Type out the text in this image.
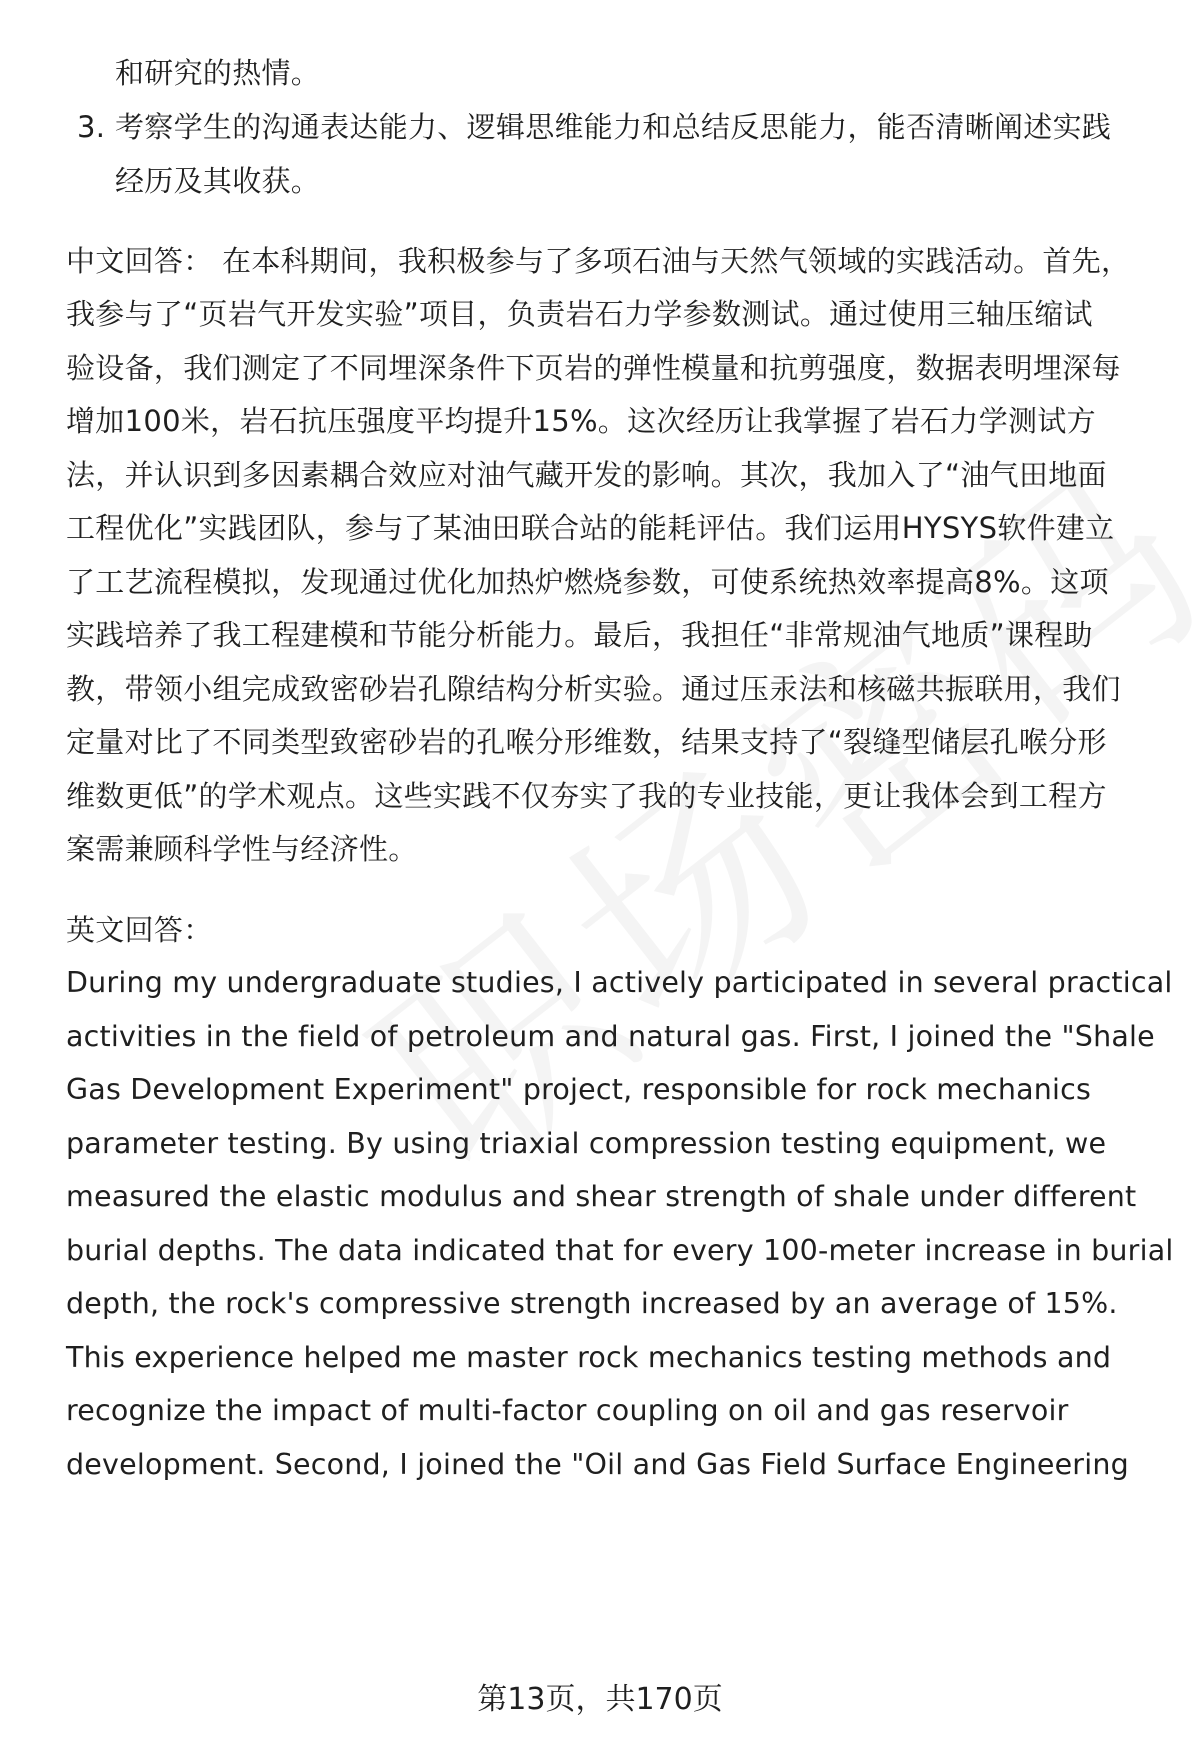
和研究的热情。
3. 考察学生的沟通表达能力、逻辑思维能力和总结反思能力，能否清晰阐述实践
经历及其收获。
中文回答： 在本科期间，我积极参与了多项石油与天然气领域的实践活动。首先，
我参与了“页岩气开发实验”项目，负责岩石力学参数测试。通过使用三轴压缩试
验设备，我们测定了不同埋深条件下页岩的弹性模量和抗剪强度，数据表明埋深每
增加100米，岩石抗压强度平均提升15%。这次经历让我掌握了岩石力学测试方
法，并认识到多因素耦合效应对油气藏开发的影响。其次，我加入了“油气田地面
工程优化”实践团队，参与了某油田联合站的能耗评估。我们运用HYSYS软件建立
了工艺流程模拟，发现通过优化加热炉燃烧参数，可使系统热效率提高8%。这项
实践培养了我工程建模和节能分析能力。最后，我担任“非常规油气地质”课程助
教，带领小组完成致密砂岩孔隙结构分析实验。通过压汞法和核磁共振联用，我们
定量对比了不同类型致密砂岩的孔喉分形维数，结果支持了“裂缝型储层孔喉分形
维数更低”的学术观点。这些实践不仅夯实了我的专业技能，更让我体会到工程方
案需兼顾科学性与经济性。
英文回答：
During my undergraduate studies, I actively participated in several practical
activities in the field of petroleum and natural gas. First, I joined the "Shale
Gas Development Experiment" project, responsible for rock mechanics
parameter testing. By using triaxial compression testing equipment, we
measured the elastic modulus and shear strength of shale under different
burial depths. The data indicated that for every 100-meter increase in burial
depth, the rock's compressive strength increased by an average of 15%.
This experience helped me master rock mechanics testing methods and
recognize the impact of multi-factor coupling on oil and gas reservoir
development. Second, I joined the "Oil and Gas Field Surface Engineering
第13页，共170页
